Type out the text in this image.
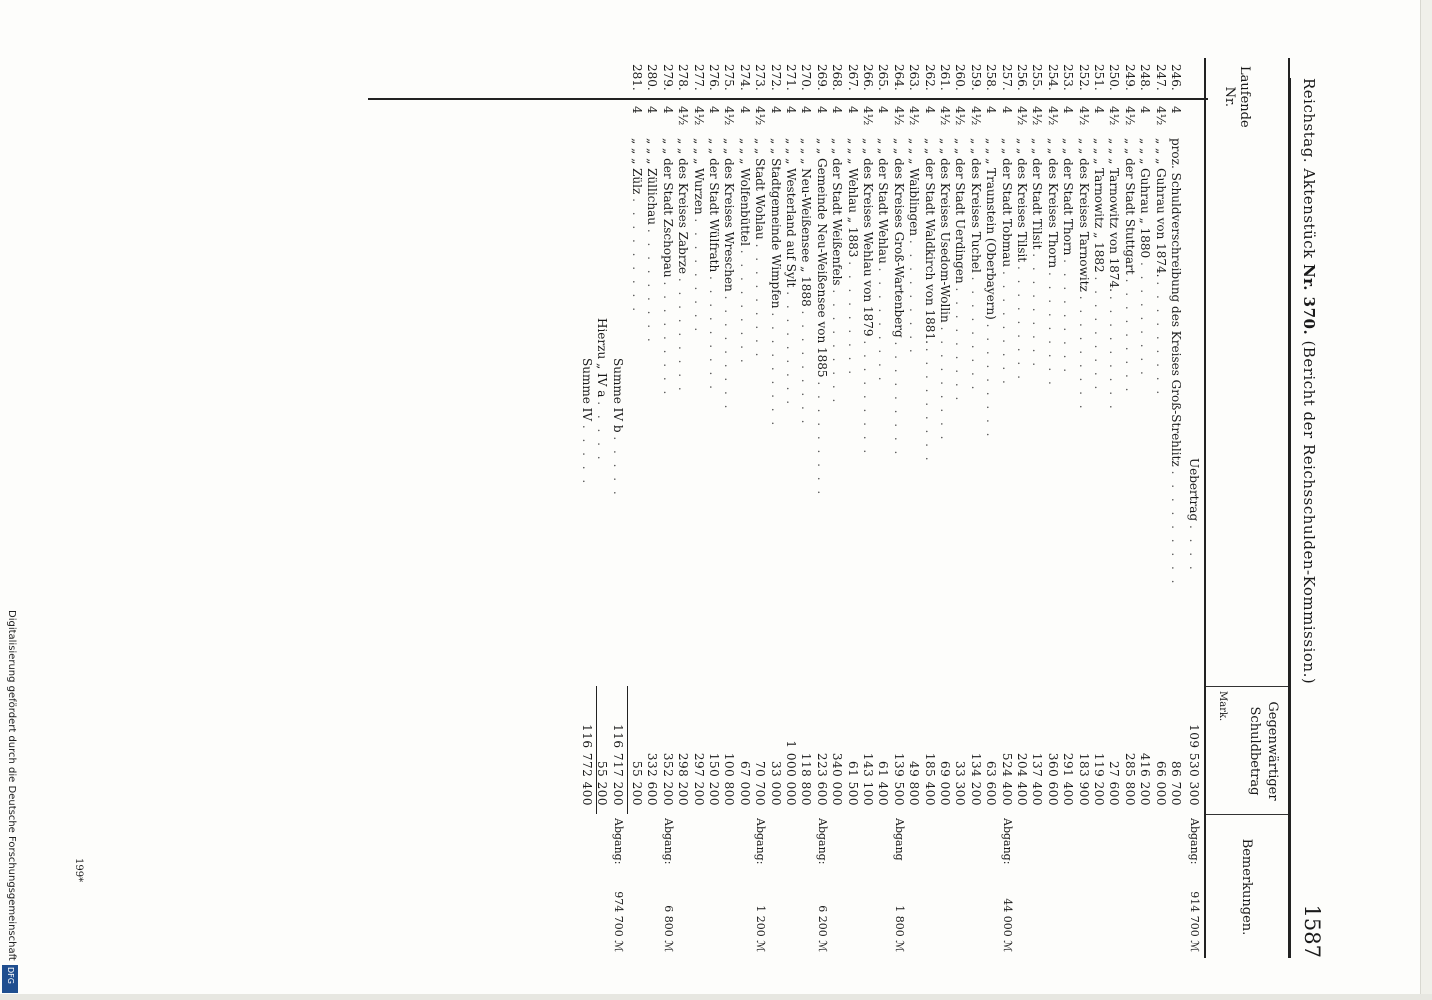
Reichstag. Aktenstück Nr. 370. (Bericht der Reichsschulden-Kommission.)
1587
Laufende Nr.
Gegenwärtiger
Schuldbetrag
Mark.
Bemerkungen.
Uebertrag . . . .
109 530 300
Abgang:
914 700 ℳ
246.
4
proz. Schuldverschreibung des Kreises Groß-Strehlitz . . . . . . . . .
86 700
247.
4½
„ „ „ Guhrau von 1874. . . . . . . . . .
66 000
248.
4
„ „ „ Guhrau „ 1880 . . . . . . . . .
416 200
249.
4½
„ „ der Stadt Stuttgart . . . . . . . . .
285 800
250.
4½
„ „ „ Tarnowitz von 1874. . . . . . . . . .
27 600
251.
4
„ „ „ Tarnowitz „ 1882 . . . . . . . . .
119 200
252.
4½
„ „ des Kreises Tarnowitz . . . . . . . . .
183 900
253.
4
„ „ der Stadt Thorn . . . . . . . . .
291 400
254.
4½
„ „ des Kreises Thorn . . . . . . . . .
360 600
255.
4½
„ „ der Stadt Tilsit . . . . . . . . .
137 400
256.
4½
„ „ des Kreises Tilsit . . . . . . . . .
204 400
257.
4
„ „ der Stadt Tobmau . . . . . . . . .
524 400
Abgang:
44 000 ℳ
258.
4
„ „ „ Traunstein (Oberbayern) . . . . . . . . .
63 600
259.
4½
„ „ des Kreises Tuchel . . . . . . . . .
134 200
260.
4½
„ „ der Stadt Uerdingen . . . . . . . . .
33 300
261.
4½
„ „ des Kreises Usedom-Wollin . . . . . . . . .
69 000
262.
4
„ „ der Stadt Waldkirch von 1881. . . . . . . . . .
185 400
263.
4½
„ „ „ Waiblingen . . . . . . . . .
49 800
264.
4½
„ „ des Kreises Groß-Wartenberg . . . . . . . . .
139 500
Abgang
1 800 ℳ
265.
4
„ „ der Stadt Wehlau . . . . . . . . .
61 400
266.
4½
„ „ des Kreises Wehlau von 1879 . . . . . . . . .
143 100
267.
4
„ „ „ Wehlau „ 1883 . . . . . . . . .
61 500
268.
4
„ „ der Stadt Weißenfels . . . . . . . . .
340 000
269.
4
„ „ Gemeinde Neu-Weißensee von 1885 . . . . . . . . .
223 600
Abgang:
6 200 ℳ
270.
4
„ „ „ Neu-Weißensee „ 1888 . . . . . . . . .
118 800
271.
4
„ „ „ Westerland auf Sylt . . . . . . . . .
1 000 000
272.
4
„ „ Stadtgemeinde Wimpfen . . . . . . . . .
33 000
273.
4½
„ „ Stadt Wohlau . . . . . . . . .
70 700
Abgang:
1 200 ℳ
274.
4
„ „ „ Wolfenbüttel . . . . . . . . .
67 000
275.
4½
„ „ des Kreises Wreschen . . . . . . . . .
100 800
276.
4
„ „ der Stadt Wülfrath . . . . . . . . .
150 200
277.
4½
„ „ „ Wurzen . . . . . . . . .
297 200
278.
4½
„ „ des Kreises Zabrze . . . . . . . . .
298 200
279.
4
„ „ der Stadt Zschopau . . . . . . . . .
352 200
Abgang:
6 800 ℳ
280.
4
„ „ „ Züllichau . . . . . . . . .
332 600
281.
4
„ „ „ Zülz . . . . . . . . .
55 200
Summe IV b . . . . .
116 717 200
Abgang:
974 700 ℳ
Hierzu „ IV a . . . . .
55 200
Summe IV . . . . .
116 772 400
Digitalisierung gefördert durch die Deutsche Forschungsgemeinschaft
DFG
199*
